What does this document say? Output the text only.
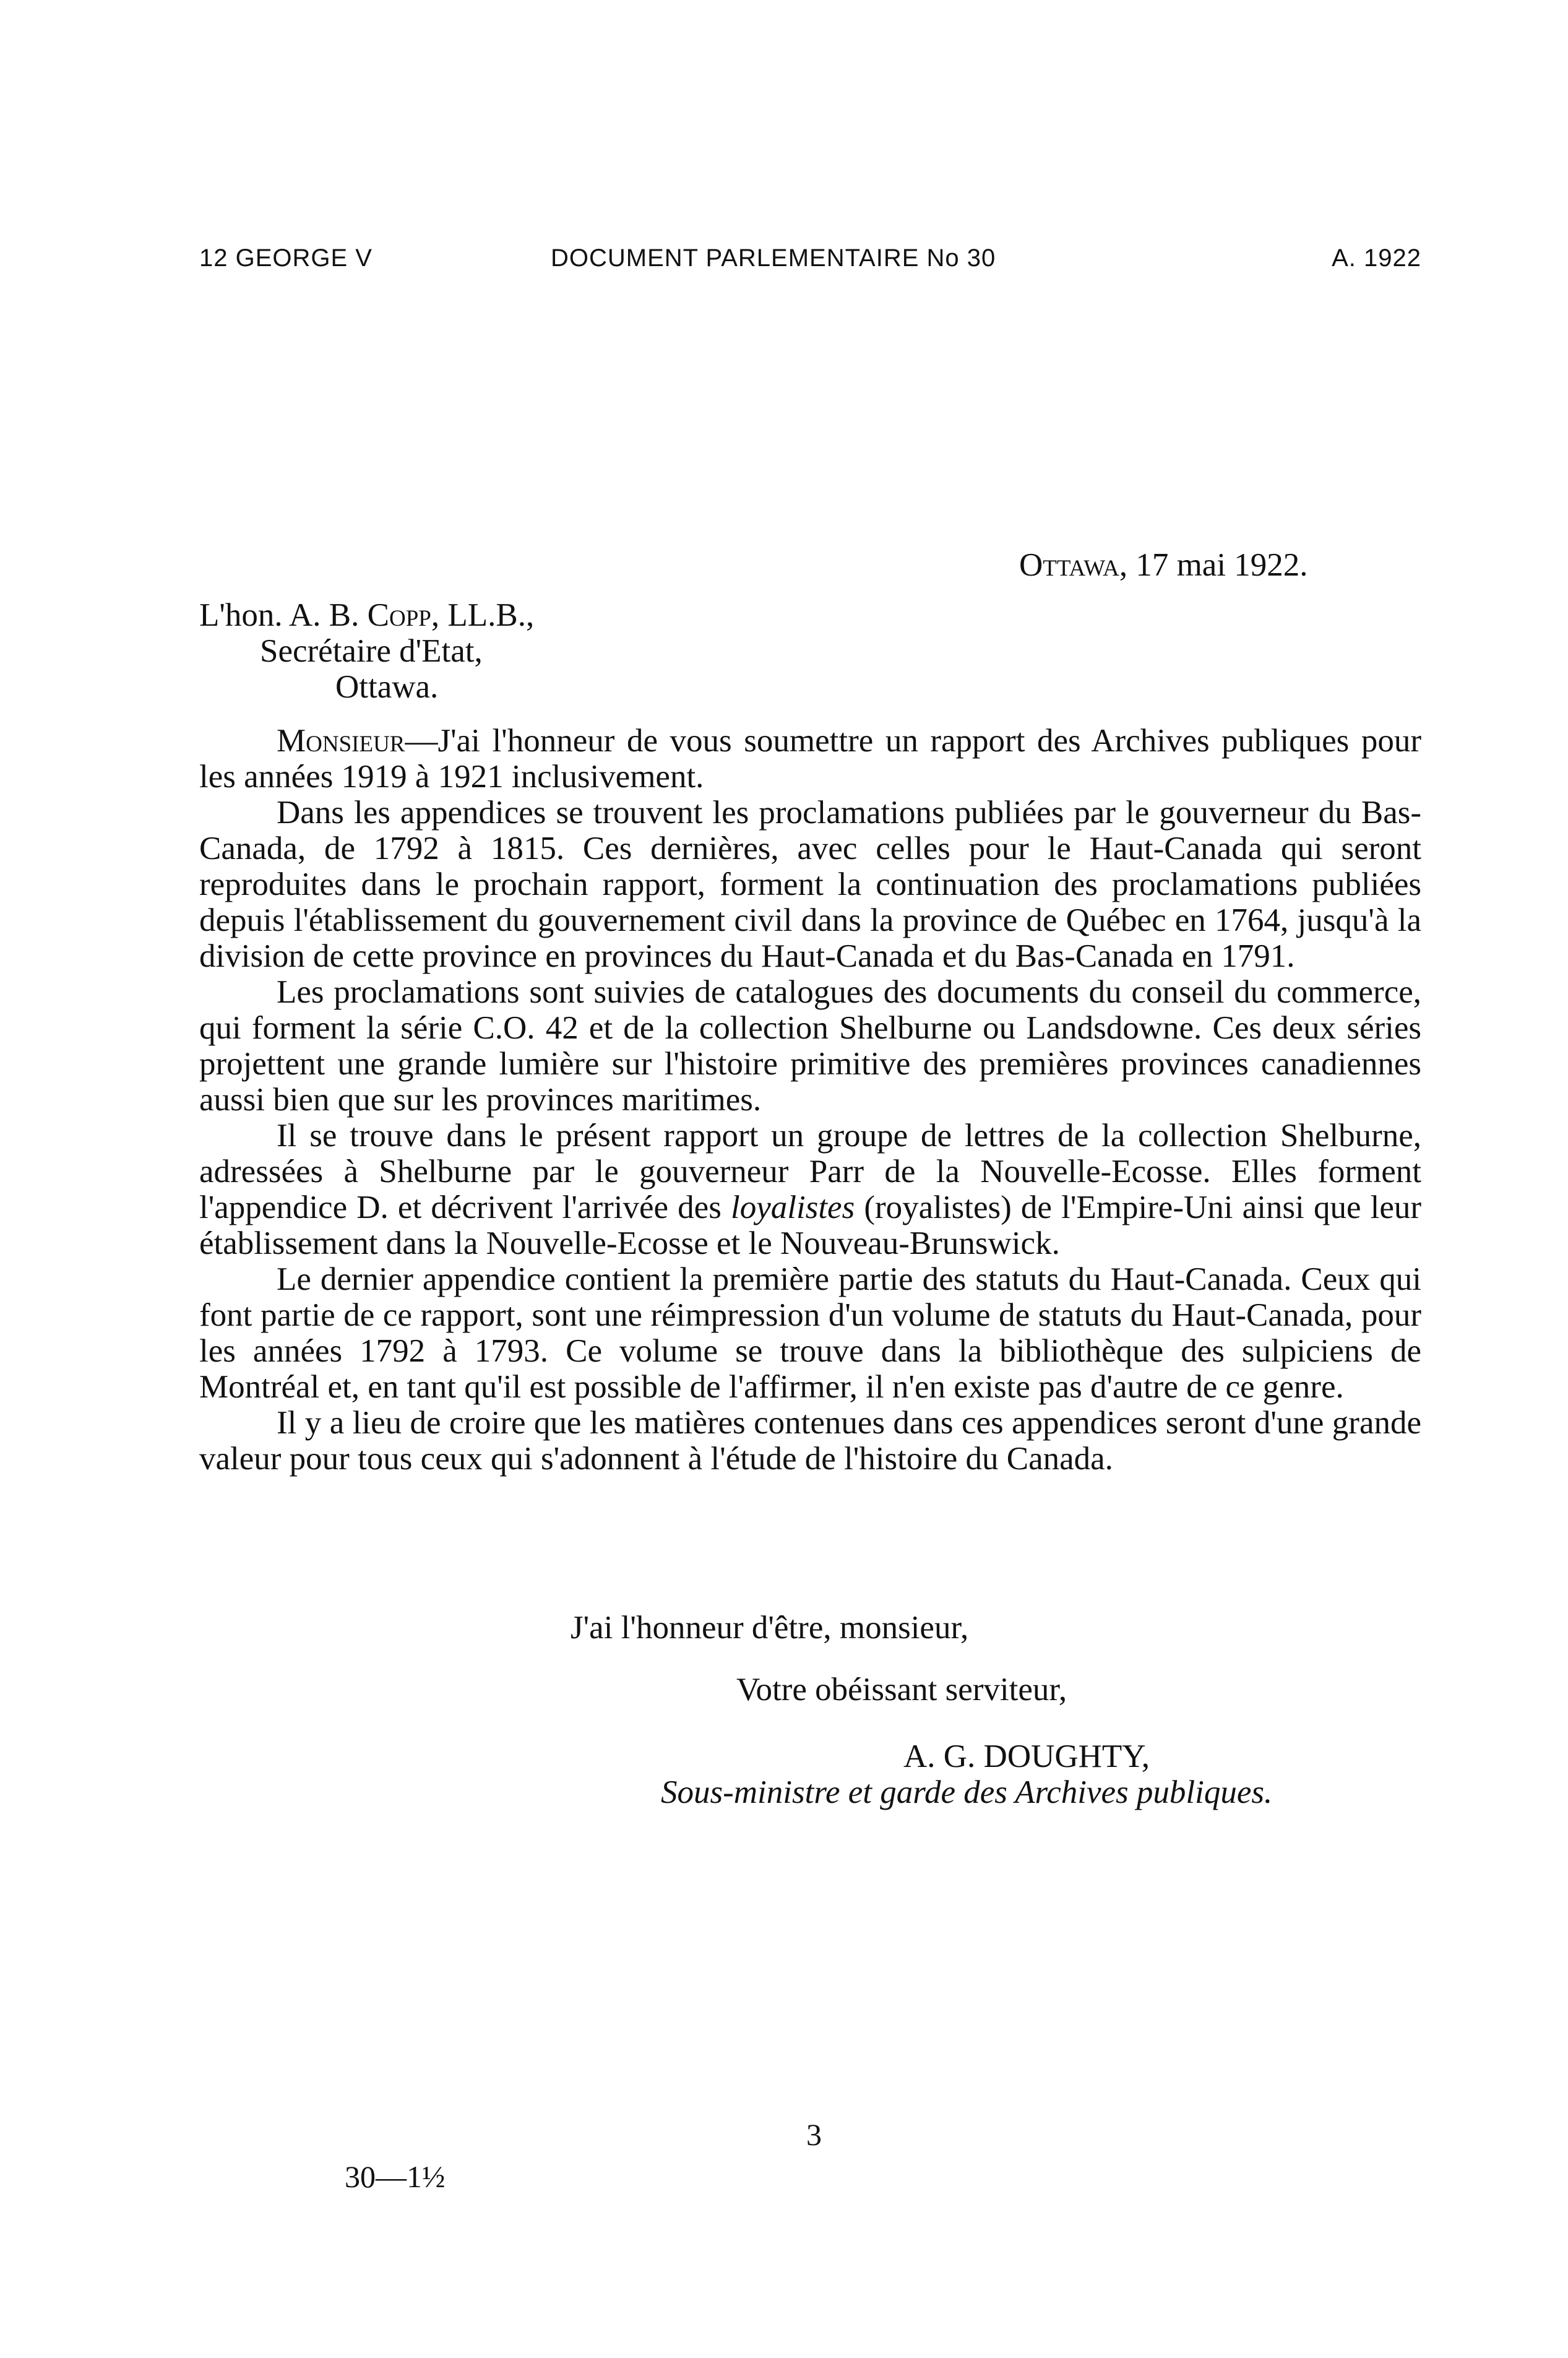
12 GEORGE V	DOCUMENT PARLEMENTAIRE No 30	A. 1922
Ottawa, 17 mai 1922.
L'hon. A. B. Copp, LL.B.,
Secrétaire d'Etat,
Ottawa.

Monsieur—J'ai l'honneur de vous soumettre un rapport des Archives publiques pour les années 1919 à 1921 inclusivement.

Dans les appendices se trouvent les proclamations publiées par le gouverneur du Bas-Canada, de 1792 à 1815. Ces dernières, avec celles pour le Haut-Canada qui seront reproduites dans le prochain rapport, forment la continuation des proclamations publiées depuis l'établissement du gouvernement civil dans la province de Québec en 1764, jusqu'à la division de cette province en provinces du Haut-Canada et du Bas-Canada en 1791.

Les proclamations sont suivies de catalogues des documents du conseil du commerce, qui forment la série C.O. 42 et de la collection Shelburne ou Landsdowne. Ces deux séries projettent une grande lumière sur l'histoire primitive des premières provinces canadiennes aussi bien que sur les provinces maritimes.

Il se trouve dans le présent rapport un groupe de lettres de la collection Shelburne, adressées à Shelburne par le gouverneur Parr de la Nouvelle-Ecosse. Elles forment l'appendice D. et décrivent l'arrivée des loyalistes (royalistes) de l'Empire-Uni ainsi que leur établissement dans la Nouvelle-Ecosse et le Nouveau-Brunswick.

Le dernier appendice contient la première partie des statuts du Haut-Canada. Ceux qui font partie de ce rapport, sont une réimpression d'un volume de statuts du Haut-Canada, pour les années 1792 à 1793. Ce volume se trouve dans la bibliothèque des sulpiciens de Montréal et, en tant qu'il est possible de l'affirmer, il n'en existe pas d'autre de ce genre.

Il y a lieu de croire que les matières contenues dans ces appendices seront d'une grande valeur pour tous ceux qui s'adonnent à l'étude de l'histoire du Canada.

J'ai l'honneur d'être, monsieur,
Votre obéissant serviteur,
A. G. DOUGHTY,
Sous-ministre et garde des Archives publiques.
3
30—1½
